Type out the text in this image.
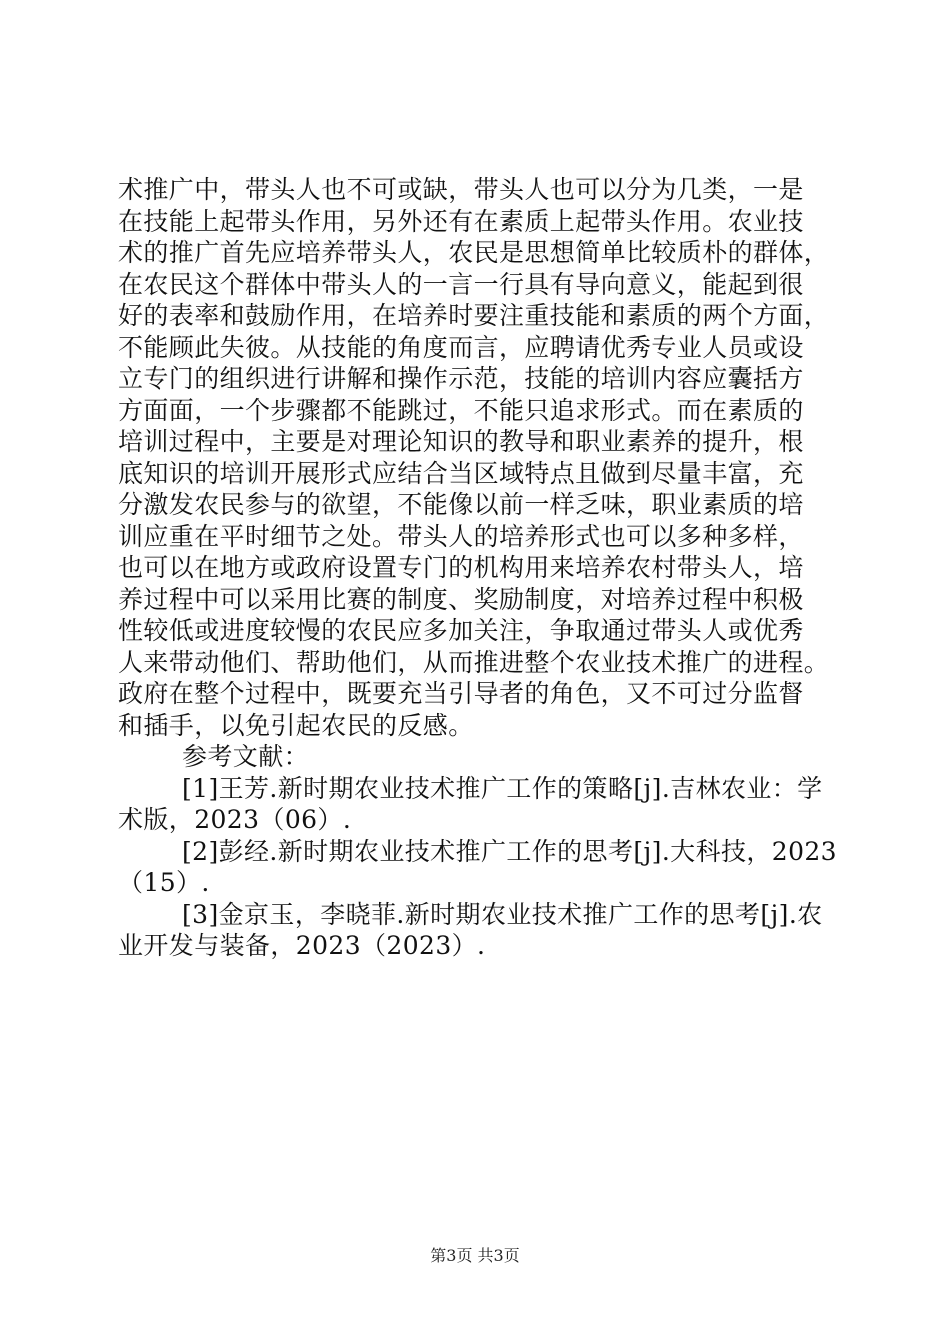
术推广中，带头人也不可或缺，带头人也可以分为几类，一是
在技能上起带头作用，另外还有在素质上起带头作用。农业技
术的推广首先应培养带头人，农民是思想简单比较质朴的群体，
在农民这个群体中带头人的一言一行具有导向意义，能起到很
好的表率和鼓励作用，在培养时要注重技能和素质的两个方面，
不能顾此失彼。从技能的角度而言，应聘请优秀专业人员或设
立专门的组织进行讲解和操作示范，技能的培训内容应囊括方
方面面，一个步骤都不能跳过，不能只追求形式。而在素质的
培训过程中，主要是对理论知识的教导和职业素养的提升，根
底知识的培训开展形式应结合当区域特点且做到尽量丰富，充
分激发农民参与的欲望，不能像以前一样乏味，职业素质的培
训应重在平时细节之处。带头人的培养形式也可以多种多样，
也可以在地方或政府设置专门的机构用来培养农村带头人，培
养过程中可以采用比赛的制度、奖励制度，对培养过程中积极
性较低或进度较慢的农民应多加关注，争取通过带头人或优秀
人来带动他们、帮助他们，从而推进整个农业技术推广的进程。
政府在整个过程中，既要充当引导者的角色，又不可过分监督
和插手，以免引起农民的反感。
参考文献：
[1]王芳.新时期农业技术推广工作的策略[j].吉林农业：学
术版，2023（06）.
[2]彭经.新时期农业技术推广工作的思考[j].大科技，2023
（15）.
[3]金京玉，李晓菲.新时期农业技术推广工作的思考[j].农
业开发与装备，2023（2023）.
第3页 共3页
